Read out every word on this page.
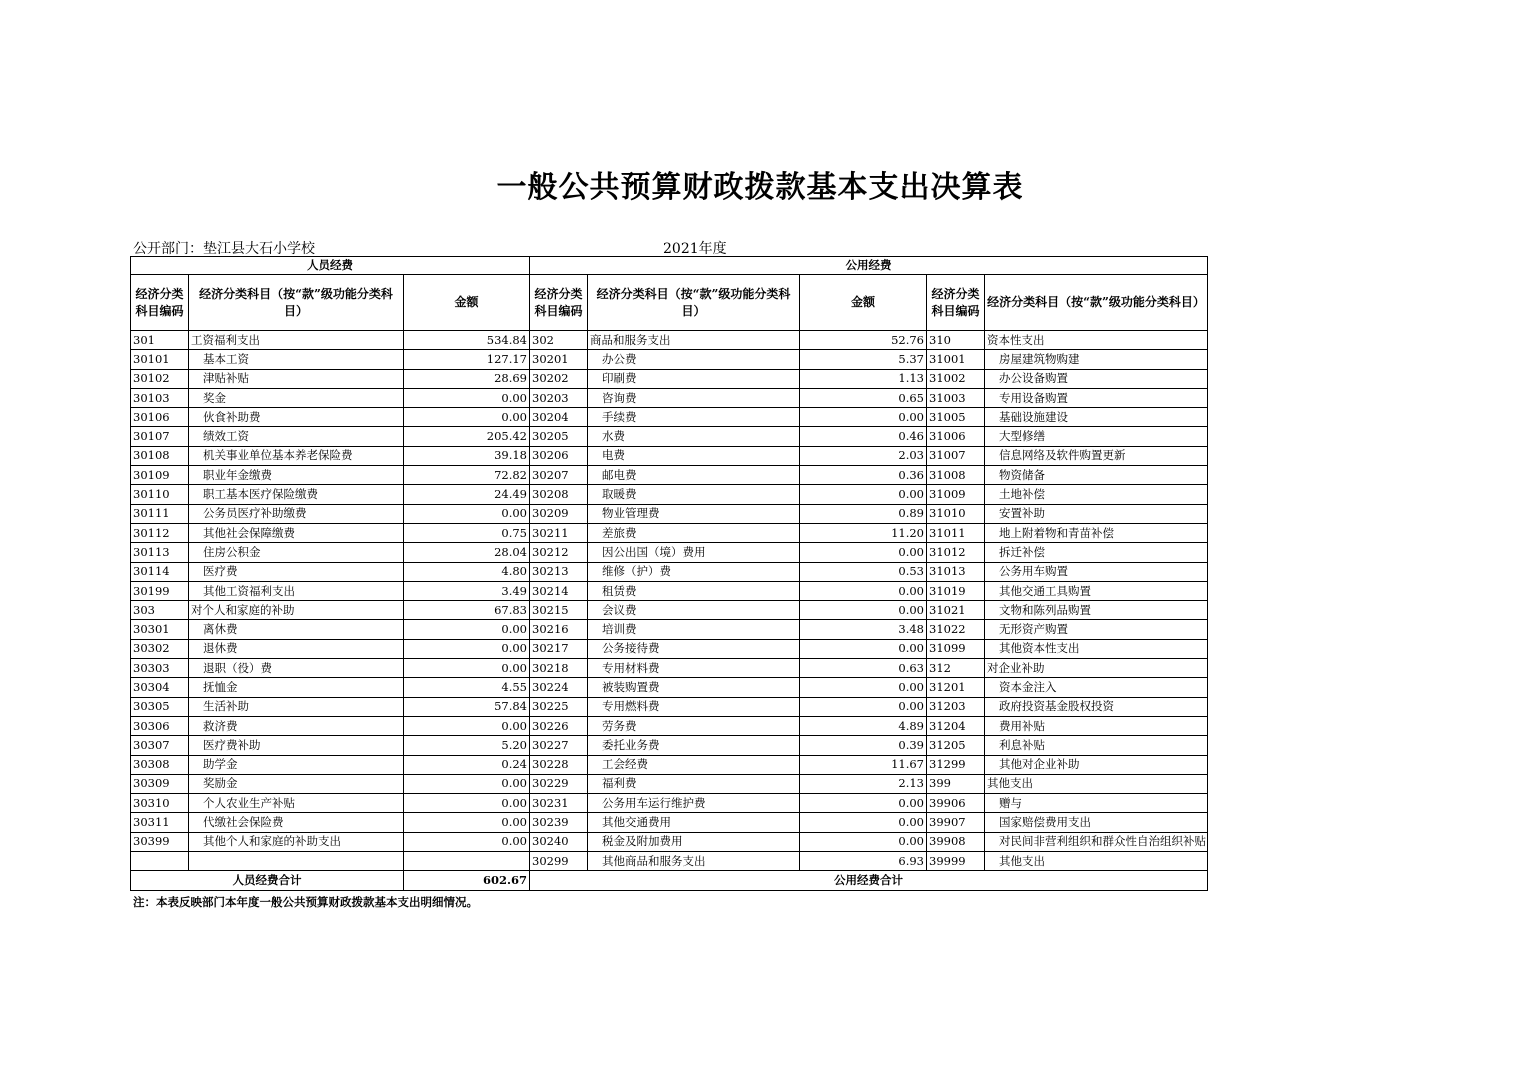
一般公共预算财政拨款基本支出决算表
公开部门：垫江县大石小学校	2021年度
人员经费			公用经费				
经济分类科目编码	经济分类科目（按“款”级功能分类科目）	金额	经济分类科目编码	经济分类科目（按“款”级功能分类科目）	金额	经济分类科目编码	经济分类科目（按“款”级功能分类科目）
301	工资福利支出	534.84	302	商品和服务支出	52.76	310	资本性支出
30101	基本工资	127.17	30201	办公费	5.37	31001	房屋建筑物购建
30102	津贴补贴	28.69	30202	印刷费	1.13	31002	办公设备购置
30103	奖金	0.00	30203	咨询费	0.65	31003	专用设备购置
30106	伙食补助费	0.00	30204	手续费	0.00	31005	基础设施建设
30107	绩效工资	205.42	30205	水费	0.46	31006	大型修缮
30108	机关事业单位基本养老保险费	39.18	30206	电费	2.03	31007	信息网络及软件购置更新
30109	职业年金缴费	72.82	30207	邮电费	0.36	31008	物资储备
30110	职工基本医疗保险缴费	24.49	30208	取暖费	0.00	31009	土地补偿
30111	公务员医疗补助缴费	0.00	30209	物业管理费	0.89	31010	安置补助
30112	其他社会保障缴费	0.75	30211	差旅费	11.20	31011	地上附着物和青苗补偿
30113	住房公积金	28.04	30212	因公出国（境）费用	0.00	31012	拆迁补偿
30114	医疗费	4.80	30213	维修（护）费	0.53	31013	公务用车购置
30199	其他工资福利支出	3.49	30214	租赁费	0.00	31019	其他交通工具购置
303	对个人和家庭的补助	67.83	30215	会议费	0.00	31021	文物和陈列品购置
30301	离休费	0.00	30216	培训费	3.48	31022	无形资产购置
30302	退休费	0.00	30217	公务接待费	0.00	31099	其他资本性支出
30303	退职（役）费	0.00	30218	专用材料费	0.63	312	对企业补助
30304	抚恤金	4.55	30224	被装购置费	0.00	31201	资本金注入
30305	生活补助	57.84	30225	专用燃料费	0.00	31203	政府投资基金股权投资
30306	救济费	0.00	30226	劳务费	4.89	31204	费用补贴
30307	医疗费补助	5.20	30227	委托业务费	0.39	31205	利息补贴
30308	助学金	0.24	30228	工会经费	11.67	31299	其他对企业补助
30309	奖励金	0.00	30229	福利费	2.13	399	其他支出
30310	个人农业生产补贴	0.00	30231	公务用车运行维护费	0.00	39906	赠与
30311	代缴社会保险费	0.00	30239	其他交通费用	0.00	39907	国家赔偿费用支出
30399	其他个人和家庭的补助支出	0.00	30240	税金及附加费用	0.00	39908	对民间非营利组织和群众性自治组织补贴
			30299	其他商品和服务支出	6.93	39999	其他支出
人员经费合计		602.67	公用经费合计				
注：本表反映部门本年度一般公共预算财政拨款基本支出明细情况。
